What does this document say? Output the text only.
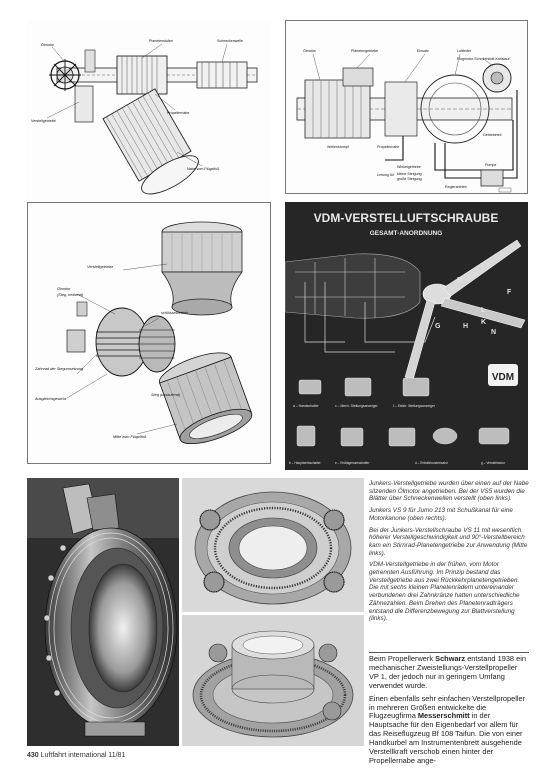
Ölmotor
Verstellgetriebe
Propellernabe
Planetenstufen	Schneckenwelle
Nabe vom Flügelfuß
Ölmotor	Planetengetriebe	Einsatz	Luftfeder
Flugmotor-Schmierstoff-Kreislauf
Wellenstumpf	Propellernabe
Getriebeteil
Winkelgetriebe
Leitung für kleine Steigung
große Steigung
Reglerantrieb
Pumpe
Verstellgetriebe
Ölmotor
(Steg, treibend)
schlüsselbetrieb
Zahnrad der Stegumsetzung
Ausgleichsgewicht
Steg (umlaufend)
Mitte zum Flügelfuß
VDM-VERSTELLUFTSCHRAUBE
GESAMT-ANORDNUNG
M
F
L
H
K
N
G
VDM
a – Handschalter	c – Mech. Stellungsanzeiger	f – Elektr. Stellungsanzeiger
b – Hauptwerkschalter	e – Endlagenumschalter	d – Entstörkondensator	g – Verstellmotor

Junkers-Verstellgetriebe wurden über einen auf der Nabe sitzenden Ölmotor angetrieben. Bei der VS5 wurden die Blätter über Schneckenwellen verstellt (oben links).

Junkers VS 9 für Jumo 213 mit Schußkanal für eine Motorkanone (oben rechts).

Bei der Junkers-Verstellschraube VS 11 mit wesentlich höherer Verstellgeschwindigkeit und 90°-Verstellbereich kam ein Stirnrad-Planetengetriebe zur Anwendung (Mitte links).

VDM-Verstellgetriebe in der frühen, vom Motor getrennten Ausführung. Im Prinzip bestand das Verstellgetriebe aus zwei Rückkehrplanetengetrieben. Die mit sechs kleinen Planetenrädern untereinander verbundenen drei Zahnkränze hatten unterschiedliche Zähnezahlen. Beim Drehen des Planetenradträgers entstand die Differenzbewegung zur Blattverstellung (links).

Beim Propellerwerk Schwarz entstand 1938 ein mechanischer Zweistellungs-Verstellpropeller VP 1, der jedoch nur in geringem Umfang verwendet wurde.

Einen ebenfalls sehr einfachen Verstellpropeller in mehreren Größen entwickelte die Flugzeugfirma Messerschmitt in der Hauptsache für den Eigenbedarf vor allem für das Reiseflugzeug Bf 108 Taifun. Die von einer Handkurbel am Instrumentenbrett ausgehende Verstellkraft verschob einen hinter der Propellernabe ange-

430 Luftfahrt international 11/81
